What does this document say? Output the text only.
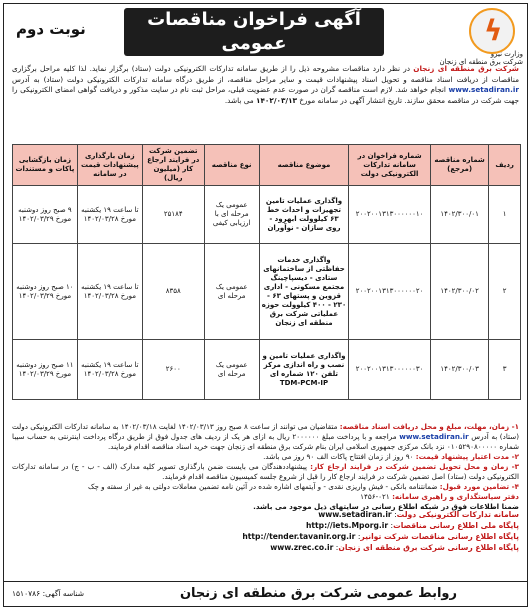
نوبت دوم	آگهی فراخوان مناقصات عمومی	ϟ
وزارت نیرو
شرکت برق منطقه ای زنجان
شرکت برق منطقه ای زنجان در نظر دارد مناقصات مشروحه ذیل را از طریق سامانه تدارکات الکترونیکی دولت (ستاد) برگزار نماید. لذا کلیه مراحل برگزاری مناقصات از دریافت اسناد مناقصه و تحویل اسناد پیشنهادات قیمت و سایر مراحل مناقصه، از طریق درگاه سامانه تدارکات الکترونیکی دولت (ستاد) به آدرس www.setadiran.ir انجام خواهد شد. لازم است مناقصه گران در صورت عدم عضویت قبلی، مراحل ثبت نام در سایت مذکور و دریافت گواهی امضای الکترونیکی را جهت شرکت در مناقصه محقق سازند. تاریخ انتشار آگهی در سامانه مورخ ۱۴۰۲/۰۳/۱۳ می باشد.
ردیف	شماره مناقصه (مرجع)	شماره فراخوان در سامانه تدارکات الکترونیکی دولت	موضوع مناقصه	نوع مناقصه	تضمین شرکت در فرایند ارجاع کار (میلیون ریال)	زمان بارگذاری پیشنهادات قیمت در سامانه	زمان بازگشایی پاکات و مستندات
۱	۱۴۰۲/۳۰۰/۰۱	۲۰۰۲۰۰۱۳۱۳۰۰۰۰۰۰۱۰	واگذاری عملیات تامین تجهیزات و احداث خط ۶۳ کیلوولت ابهرود - روی سازان - نوآوران	عمومی یک مرحله ای با ارزیابی کیفی	۲۵۱۸۴	تا ساعت ۱۹ یکشنبه مورخ ۱۴۰۲/۰۳/۲۸	۹ صبح روز دوشنبه مورخ ۱۴۰۲/۰۳/۲۹
۲	۱۴۰۲/۳۰۰/۰۲	۲۰۰۲۰۰۱۳۱۳۰۰۰۰۰۰۲۰	واگذاری خدمات حفاظتی از ساختمانهای ستادی - دیسپاچینگ مجتمع مسکونی - اداری قزوین و پستهای ۶۳ - ۲۳۰ - ۴۰۰ کیلوولت حوزه عملیاتی شرکت برق منطقه ای زنجان	عمومی یک مرحله ای	۸۳۵۸	تا ساعت ۱۹ یکشنبه مورخ ۱۴۰۲/۰۳/۲۸	۱۰ صبح روز دوشنبه مورخ ۱۴۰۲/۰۳/۲۹
۳	۱۴۰۲/۳۰۰/۰۳	۲۰۰۲۰۰۱۳۱۳۰۰۰۰۰۰۳۰	واگذاری عملیات تامین و نصب و راه اندازی مرکز تلفن ۱۲۰ شماره ای
TDM-PCM-IP	عمومی یک مرحله ای	۲۶۰۰	تا ساعت ۱۹ یکشنبه مورخ ۱۴۰۲/۰۳/۲۸	۱۱ صبح روز دوشنبه مورخ ۱۴۰۲/۰۳/۲۹
۱- زمان، مهلت، مبلغ و محل دریافت اسناد مناقصه: متقاضیان می توانند از ساعت ۸ صبح روز ۱۴۰۲/۰۳/۱۳ لغایت ۱۴۰۲/۰۳/۱۸ به سامانه تدارکات الکترونیکی دولت (ستاد) به آدرس www.setadiran.ir مراجعه و با پرداخت مبلغ ۲۰۰۰۰۰۰ ریال به ازای هر یک از ردیف های جدول فوق از طریق درگاه پرداخت اینترنتی به حساب سیبا شماره ۰۱۰۵۲۹۰۸۰۰۰۰۰ نزد بانک مرکزی جمهوری اسلامی ایران بنام شرکت برق منطقه ای زنجان جهت خرید اسناد مناقصه اقدام فرمایند.
۲- مدت اعتبار پیشنهاد قیمت: ۹۰ روز از زمان افتتاح پاکات الف ۹۰ روز می باشد.
۳- زمان و محل تحویل تضمین شرکت در فرایند ارجاع کار: پیشنهاددهندگان می بایست ضمن بارگذاری تصویر کلیه مدارک (الف - ب - ج) در سامانه تدارکات الکترونیکی دولت (ستاد) اصل تضمین شرکت در فرایند ارجاع کار را قبل از شروع جلسه کمیسیون مناقصه اقدام فرمایند.
۴- تضامین مورد قبول: ضمانتنامه بانکی - فیش واریزی نقدی - و آیتمهای اشاره شده در آئین نامه تضمین معاملات دولتی به غیر از سفته و چک
دفتر سیاستگذاری و راهبری سامانه: ۰۲۱-۱۴۵۶
ضمنا اطلاعات فوق در شبکه اطلاع رسانی در سایتهای ذیل موجود می باشد.
سامانه تدارکات الکترونیکی دولت: www.setadiran.ir
پایگاه ملی اطلاع رسانی مناقصات: http://iets.Mporg.ir
پایگاه اطلاع رسانی مناقصات شرکت توانیر: http://tender.tavanir.org.ir
پایگاه اطلاع رسانی شرکت برق منطقه ای زنجان: www.zrec.co.ir
شناسه آگهی: ۱۵۱۰۷۸۶	روابط عمومی شرکت برق منطقه ای زنجان
